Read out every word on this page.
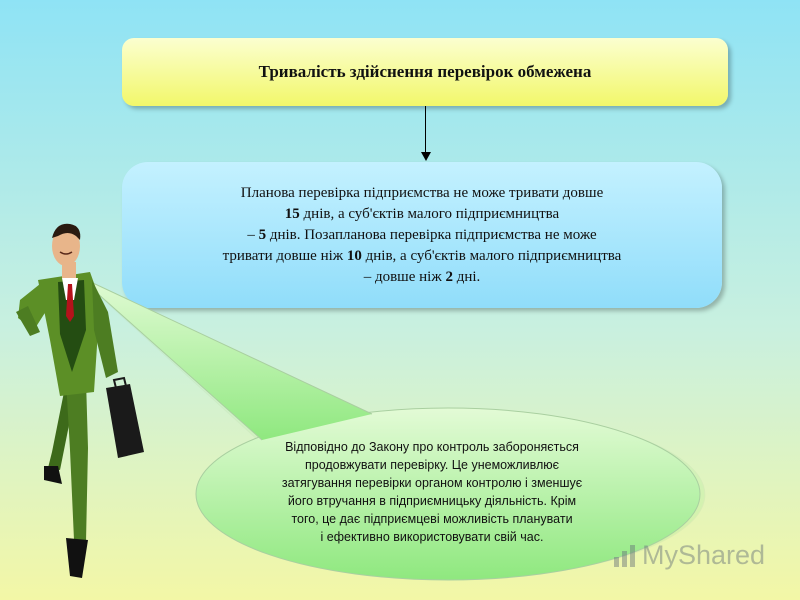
Тривалість здійснення перевірок обмежена
Планова перевірка підприємства не може тривати довше
15 днів, а суб'єктів малого підприємництва
– 5 днів. Позапланова перевірка підприємства не може
тривати довше ніж 10 днів, а суб'єктів малого підприємництва
– довше ніж 2 дні.
Відповідно до Закону про контроль забороняється
продовжувати перевірку. Це унеможливлює
затягування перевірки органом контролю і зменшує
його втручання в підприємницьку діяльність. Крім
того, це дає підприємцеві можливість планувати
і ефективно використовувати свій час.
MyShared
